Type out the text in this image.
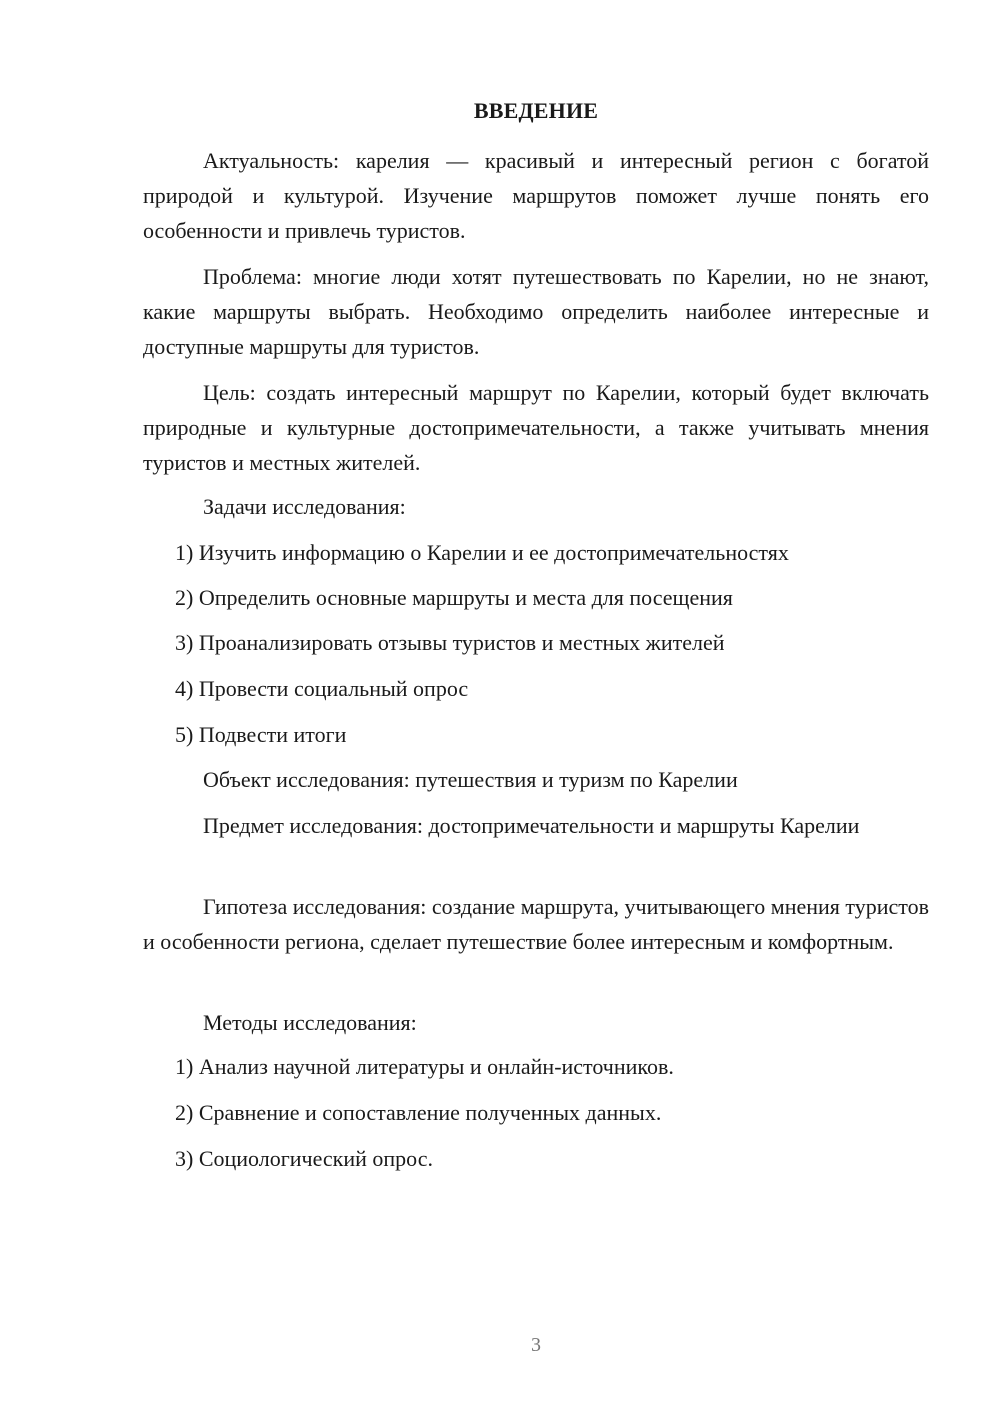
ВВЕДЕНИЕ

Актуальность: карелия — красивый и интересный регион с богатой природой и культурой. Изучение маршрутов поможет лучше понять его особенности и привлечь туристов.

Проблема: многие люди хотят путешествовать по Карелии, но не знают, какие маршруты выбрать. Необходимо определить наиболее интересные и доступные маршруты для туристов.

Цель: создать интересный маршрут по Карелии, который будет включать природные и культурные достопримечательности, а также учитывать мнения туристов и местных жителей.

Задачи исследования:
1) Изучить информацию о Карелии и ее достопримечательностях
2) Определить основные маршруты и места для посещения
3) Проанализировать отзывы туристов и местных жителей
4) Провести социальный опрос
5) Подвести итоги
Объект исследования: путешествия и туризм по Карелии

Предмет исследования: достопримечательности и маршруты Карелии

Гипотеза исследования: создание маршрута, учитывающего мнения туристов и особенности региона, сделает путешествие более интересным и комфортным.

Методы исследования:
1) Анализ научной литературы и онлайн-источников.
2) Сравнение и сопоставление полученных данных.
3) Социологический опрос.
3
